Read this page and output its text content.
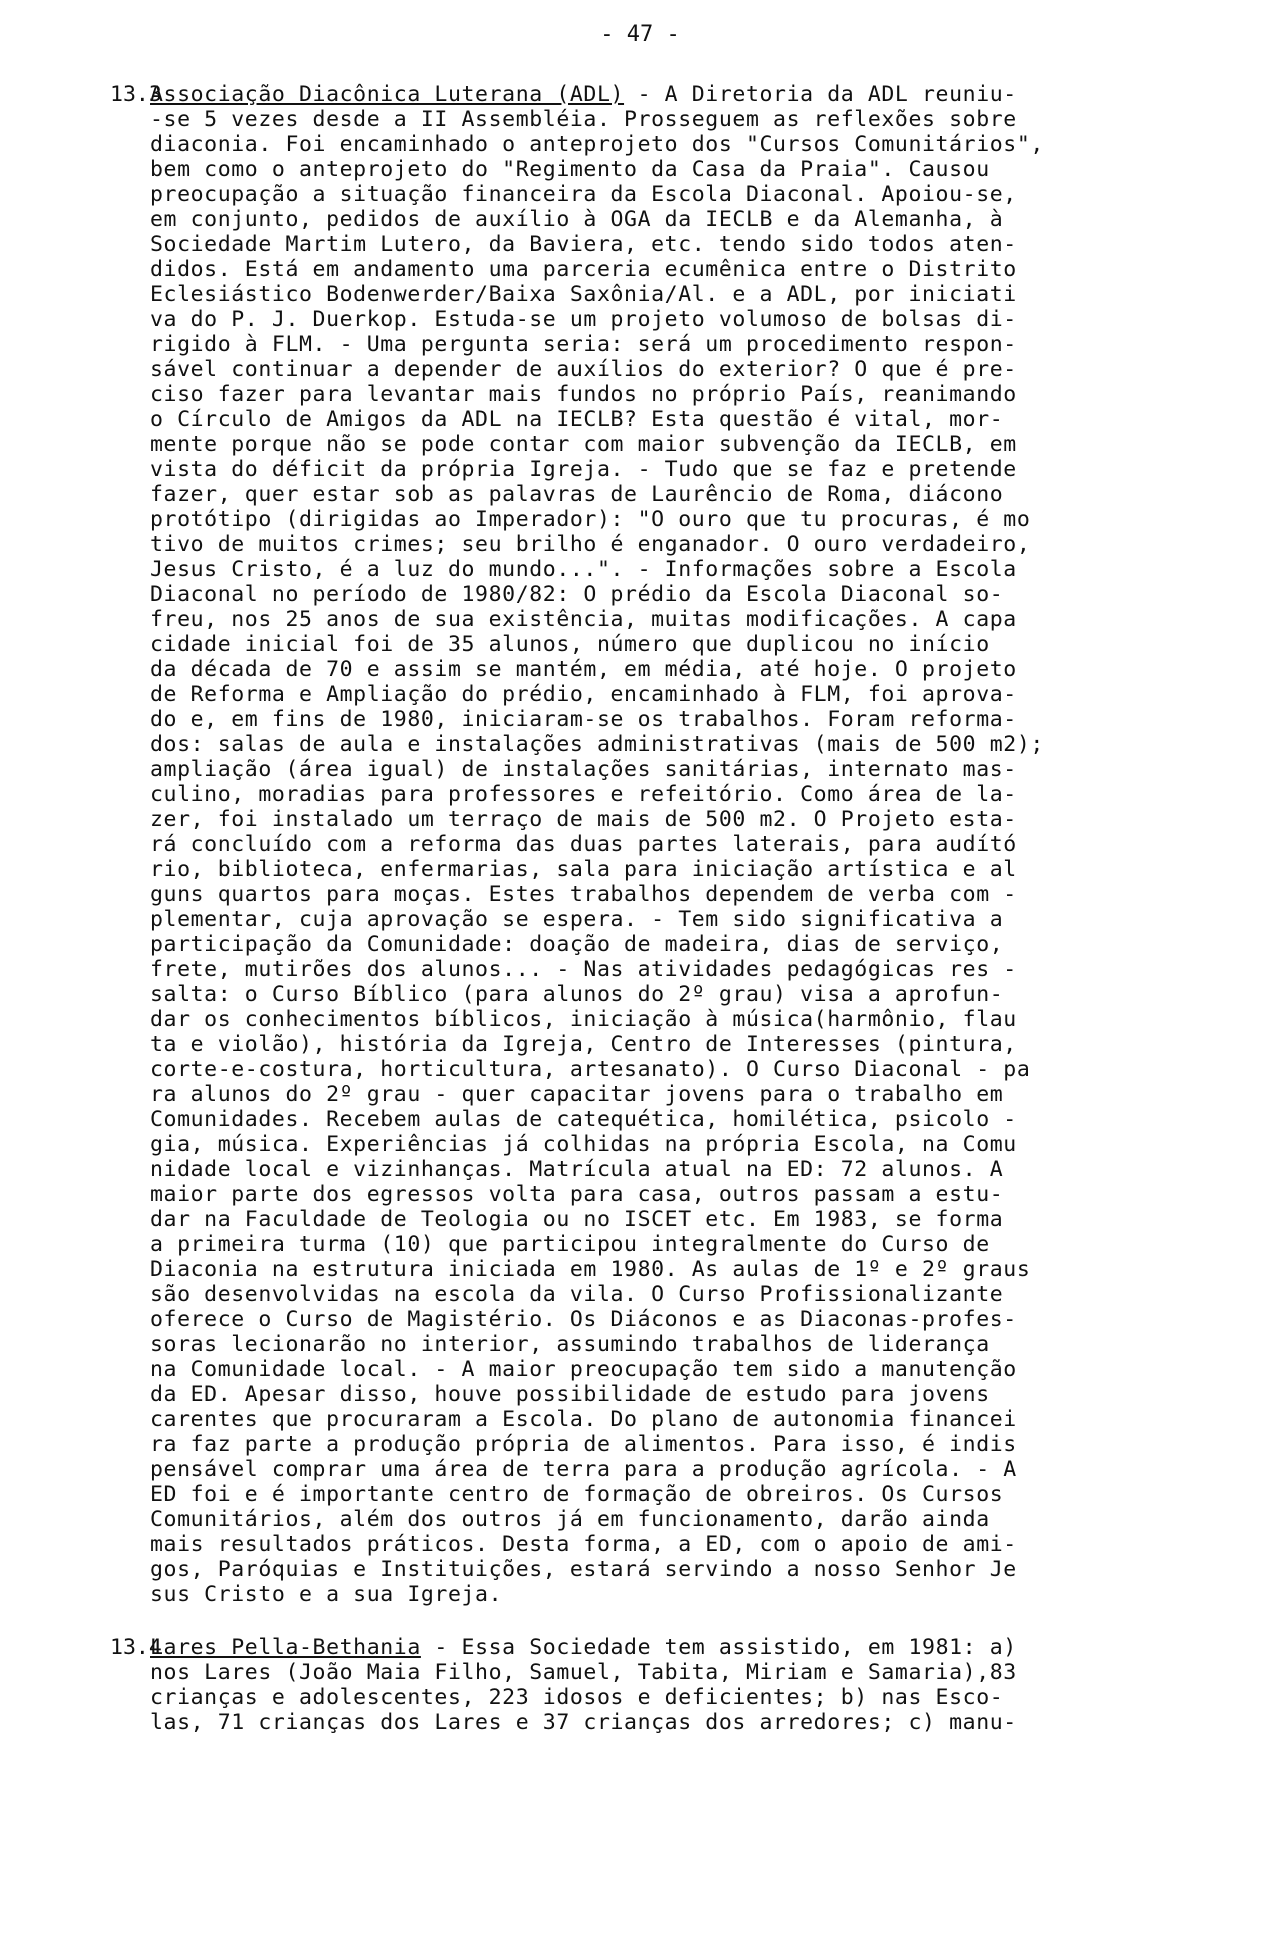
- 47 -
13.3
Associação Diacônica Luterana (ADL) - A Diretoria da ADL reuniu-
-se 5 vezes desde a II Assembléia. Prosseguem as reflexões sobre
diaconia. Foi encaminhado o anteprojeto dos "Cursos Comunitários",
bem como o anteprojeto do "Regimento da Casa da Praia". Causou
preocupação a situação financeira da Escola Diaconal. Apoiou-se,
em conjunto, pedidos de auxílio à OGA da IECLB e da Alemanha, à
Sociedade Martim Lutero, da Baviera, etc. tendo sido todos aten-
didos. Está em andamento uma parceria ecumênica entre o Distrito
Eclesiástico Bodenwerder/Baixa Saxônia/Al. e a ADL, por iniciati
va do P. J. Duerkop. Estuda-se um projeto volumoso de bolsas di-
rigido à FLM. - Uma pergunta seria: será um procedimento respon-
sável continuar a depender de auxílios do exterior? O que é pre-
ciso fazer para levantar mais fundos no próprio País, reanimando
o Círculo de Amigos da ADL na IECLB? Esta questão é vital, mor-
mente porque não se pode contar com maior subvenção da IECLB, em
vista do déficit da própria Igreja. - Tudo que se faz e pretende
fazer, quer estar sob as palavras de Laurêncio de Roma, diácono
protótipo (dirigidas ao Imperador): "O ouro que tu procuras, é mo
tivo de muitos crimes; seu brilho é enganador. O ouro verdadeiro,
Jesus Cristo, é a luz do mundo...". - Informações sobre a Escola
Diaconal no período de 1980/82: O prédio da Escola Diaconal so-
freu, nos 25 anos de sua existência, muitas modificações. A capa
cidade inicial foi de 35 alunos, número que duplicou no início
da década de 70 e assim se mantém, em média, até hoje. O projeto
de Reforma e Ampliação do prédio, encaminhado à FLM, foi aprova-
do e, em fins de 1980, iniciaram-se os trabalhos. Foram reforma-
dos: salas de aula e instalações administrativas (mais de 500 m2);
ampliação (área igual) de instalações sanitárias, internato mas-
culino, moradias para professores e refeitório. Como área de la-
zer, foi instalado um terraço de mais de 500 m2. O Projeto esta-
rá concluído com a reforma das duas partes laterais, para audító
rio, biblioteca, enfermarias, sala para iniciação artística e al
guns quartos para moças. Estes trabalhos dependem de verba com -
plementar, cuja aprovação se espera. - Tem sido significativa a
participação da Comunidade: doação de madeira, dias de serviço,
frete, mutirões dos alunos... - Nas atividades pedagógicas res -
salta: o Curso Bíblico (para alunos do 2º grau) visa a aprofun-
dar os conhecimentos bíblicos, iniciação à música(harmônio, flau
ta e violão), história da Igreja, Centro de Interesses (pintura,
corte-e-costura, horticultura, artesanato). O Curso Diaconal - pa
ra alunos do 2º grau - quer capacitar jovens para o trabalho em
Comunidades. Recebem aulas de catequética, homilética, psicolo -
gia, música. Experiências já colhidas na própria Escola, na Comu
nidade local e vizinhanças. Matrícula atual na ED: 72 alunos. A
maior parte dos egressos volta para casa, outros passam a estu-
dar na Faculdade de Teologia ou no ISCET etc. Em 1983, se forma
a primeira turma (10) que participou integralmente do Curso de
Diaconia na estrutura iniciada em 1980. As aulas de 1º e 2º graus
são desenvolvidas na escola da vila. O Curso Profissionalizante
oferece o Curso de Magistério. Os Diáconos e as Diaconas-profes-
soras lecionarão no interior, assumindo trabalhos de liderança
na Comunidade local. - A maior preocupação tem sido a manutenção
da ED. Apesar disso, houve possibilidade de estudo para jovens
carentes que procuraram a Escola. Do plano de autonomia financei
ra faz parte a produção própria de alimentos. Para isso, é indis
pensável comprar uma área de terra para a produção agrícola. - A
ED foi e é importante centro de formação de obreiros. Os Cursos
Comunitários, além dos outros já em funcionamento, darão ainda
mais resultados práticos. Desta forma, a ED, com o apoio de ami-
gos, Paróquias e Instituições, estará servindo a nosso Senhor Je
sus Cristo e a sua Igreja.
13.4
Lares Pella-Bethania - Essa Sociedade tem assistido, em 1981: a)
nos Lares (João Maia Filho, Samuel, Tabita, Miriam e Samaria),83
crianças e adolescentes, 223 idosos e deficientes; b) nas Esco-
las, 71 crianças dos Lares e 37 crianças dos arredores; c) manu-
